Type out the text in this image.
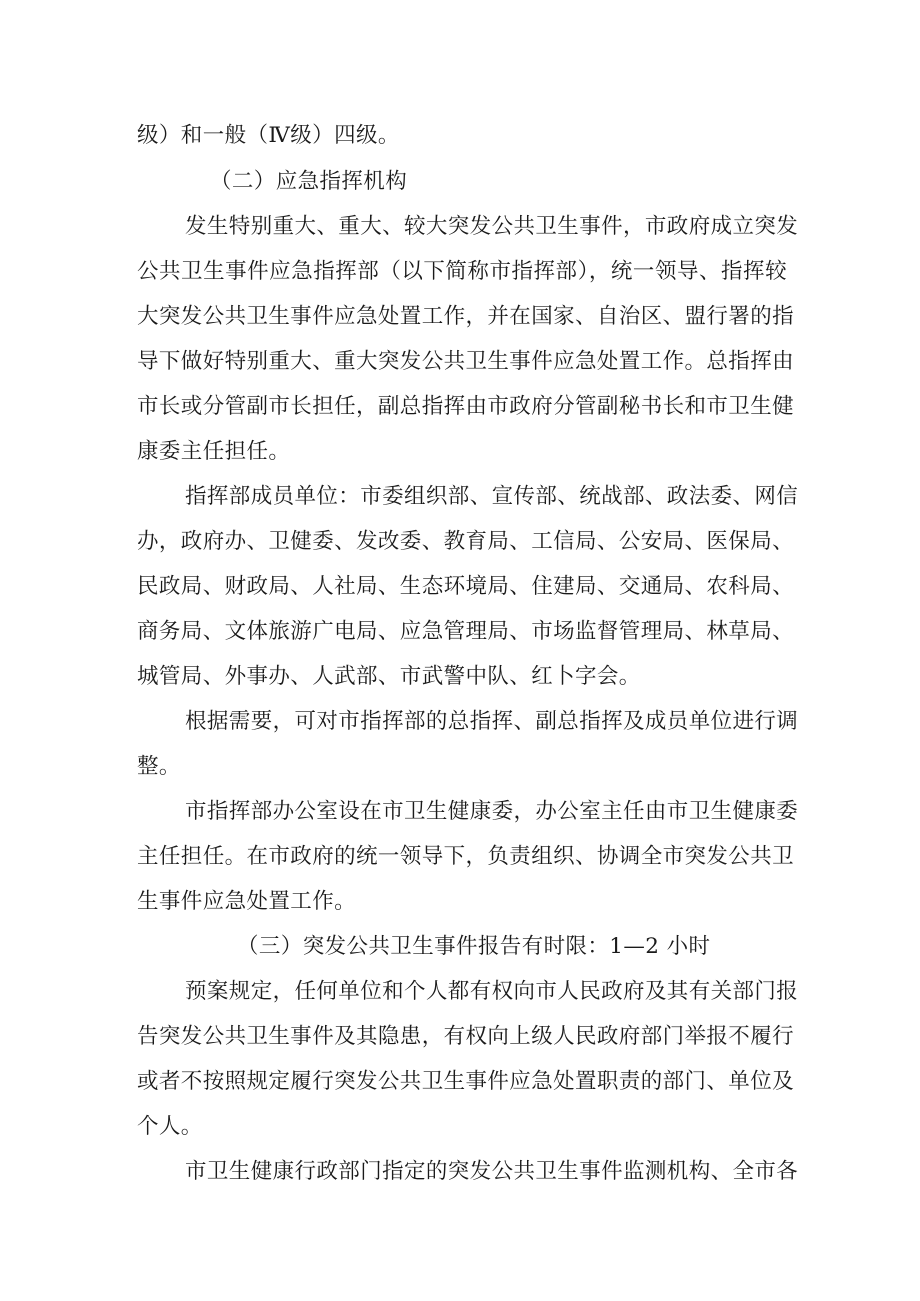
级）和一般（Ⅳ级）四级。
（二）应急指挥机构
发生特别重大、重大、较大突发公共卫生事件，市政府成立突发
公共卫生事件应急指挥部（以下简称市指挥部），统一领导、指挥较
大突发公共卫生事件应急处置工作，并在国家、自治区、盟行署的指
导下做好特别重大、重大突发公共卫生事件应急处置工作。总指挥由
市长或分管副市长担任，副总指挥由市政府分管副秘书长和市卫生健
康委主任担任。
指挥部成员单位：市委组织部、宣传部、统战部、政法委、网信
办，政府办、卫健委、发改委、教育局、工信局、公安局、医保局、
民政局、财政局、人社局、生态环境局、住建局、交通局、农科局、
商务局、文体旅游广电局、应急管理局、市场监督管理局、林草局、
城管局、外事办、人武部、市武警中队、红卜字会。
根据需要，可对市指挥部的总指挥、副总指挥及成员单位进行调
整。
市指挥部办公室设在市卫生健康委，办公室主任由市卫生健康委
主任担任。在市政府的统一领导下，负责组织、协调全市突发公共卫
生事件应急处置工作。
（三）突发公共卫生事件报告有时限：1—2 小时
预案规定，任何单位和个人都有权向市人民政府及其有关部门报
告突发公共卫生事件及其隐患，有权向上级人民政府部门举报不履行
或者不按照规定履行突发公共卫生事件应急处置职责的部门、单位及
个人。
市卫生健康行政部门指定的突发公共卫生事件监测机构、全市各
